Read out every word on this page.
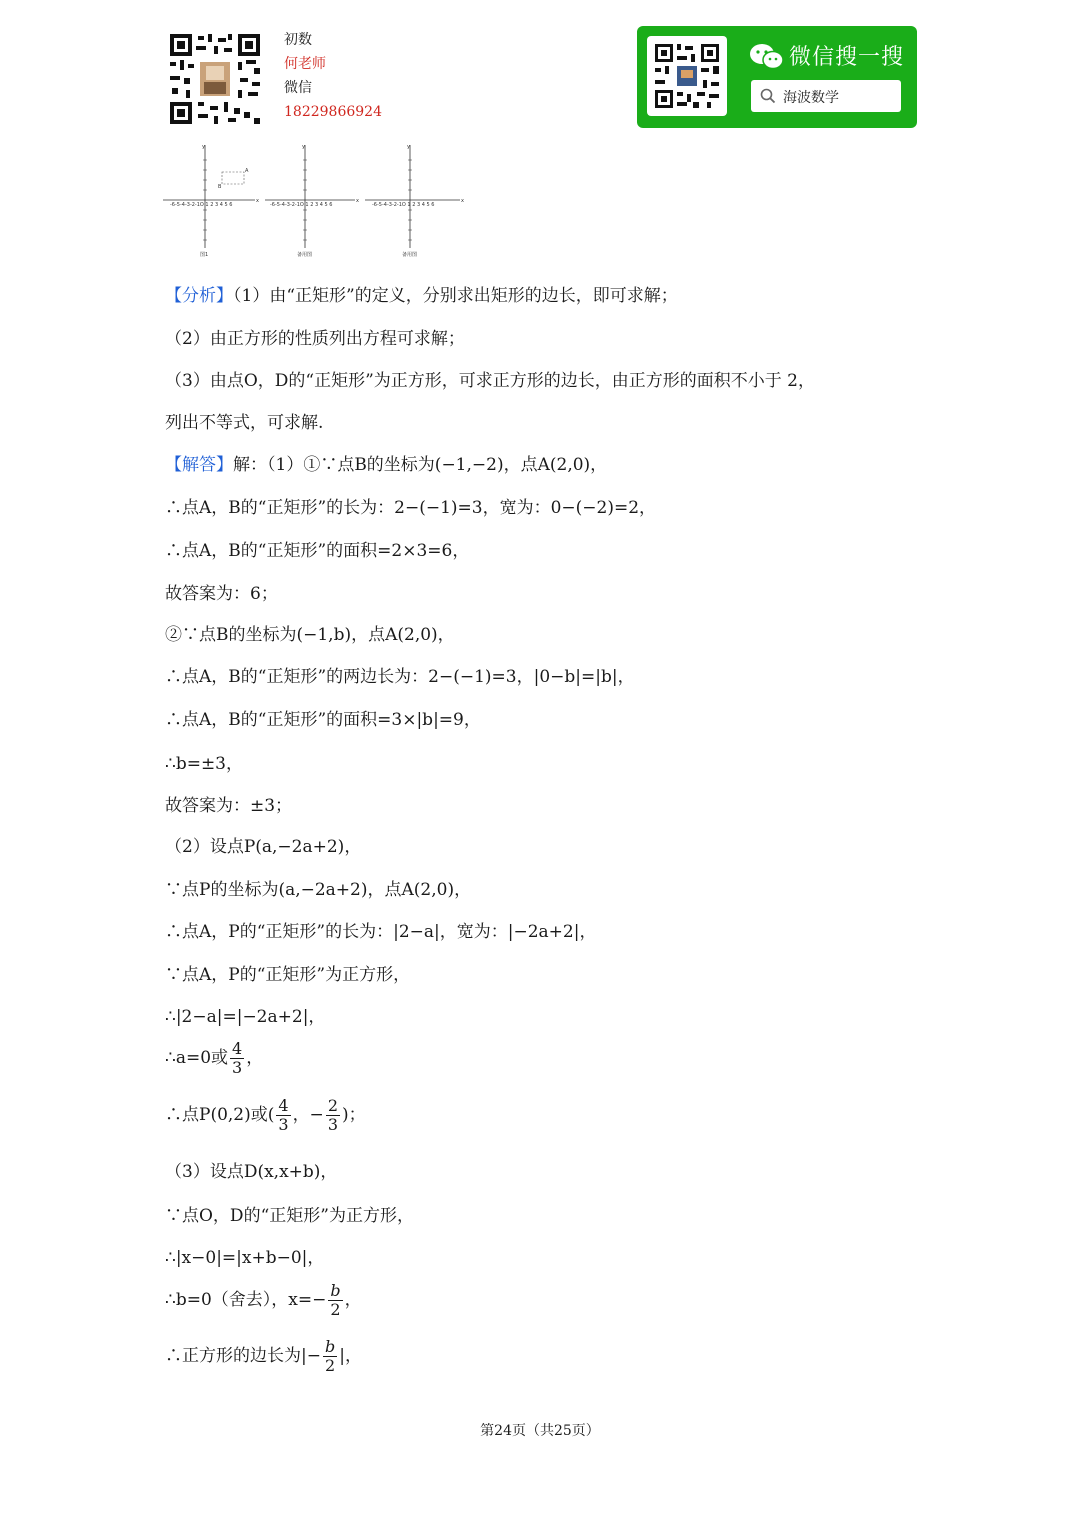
初数
何老师
微信
18229866924
微信搜一搜
海波数学
-6-5-4-3-2-1O 1 2 3 4 5 6
y
x
B
A
图1
-6-5-4-3-2-1O 1 2 3 4 5 6
y
x
备用图
-6-5-4-3-2-1O 1 2 3 4 5 6
y
x
备用图
【分析】（1）由“正矩形”的定义，分别求出矩形的边长，即可求解；
（2）由正方形的性质列出方程可求解；
（3）由点O，D的“正矩形”为正方形，可求正方形的边长，由正方形的面积不小于 2，
列出不等式，可求解.
【解答】解：（1）①∵点B的坐标为(−1,−2)，点A(2,0)，
∴点A，B的“正矩形”的长为：2−(−1)=3，宽为：0−(−2)=2，
∴点A，B的“正矩形”的面积=2×3=6，
故答案为：6；
②∵点B的坐标为(−1,b)，点A(2,0)，
∴点A，B的“正矩形”的两边长为：2−(−1)=3，|0−b|=|b|，
∴点A，B的“正矩形”的面积=3×|b|=9，
∴b=±3，
故答案为：±3；
（2）设点P(a,−2a+2)，
∵点P的坐标为(a,−2a+2)，点A(2,0)，
∴点A，P的“正矩形”的长为：|2−a|，宽为：|−2a+2|，
∵点A，P的“正矩形”为正方形，
∴|2−a|=|−2a+2|，
∴a=0或 $\frac{4}{3}$ ，
∴点P(0,2)或( $\frac{4}{3}$ ，− $\frac{2}{3}$ )；
（3）设点D(x,x+b)，
∵点O，D的“正矩形”为正方形，
∴|x−0|=|x+b−0|，
∴b=0（舍去），$x=- \frac{b}{2}$ ，
∴正方形的边长为|− $\frac{b}{2}$ |，
第24页（共25页）
